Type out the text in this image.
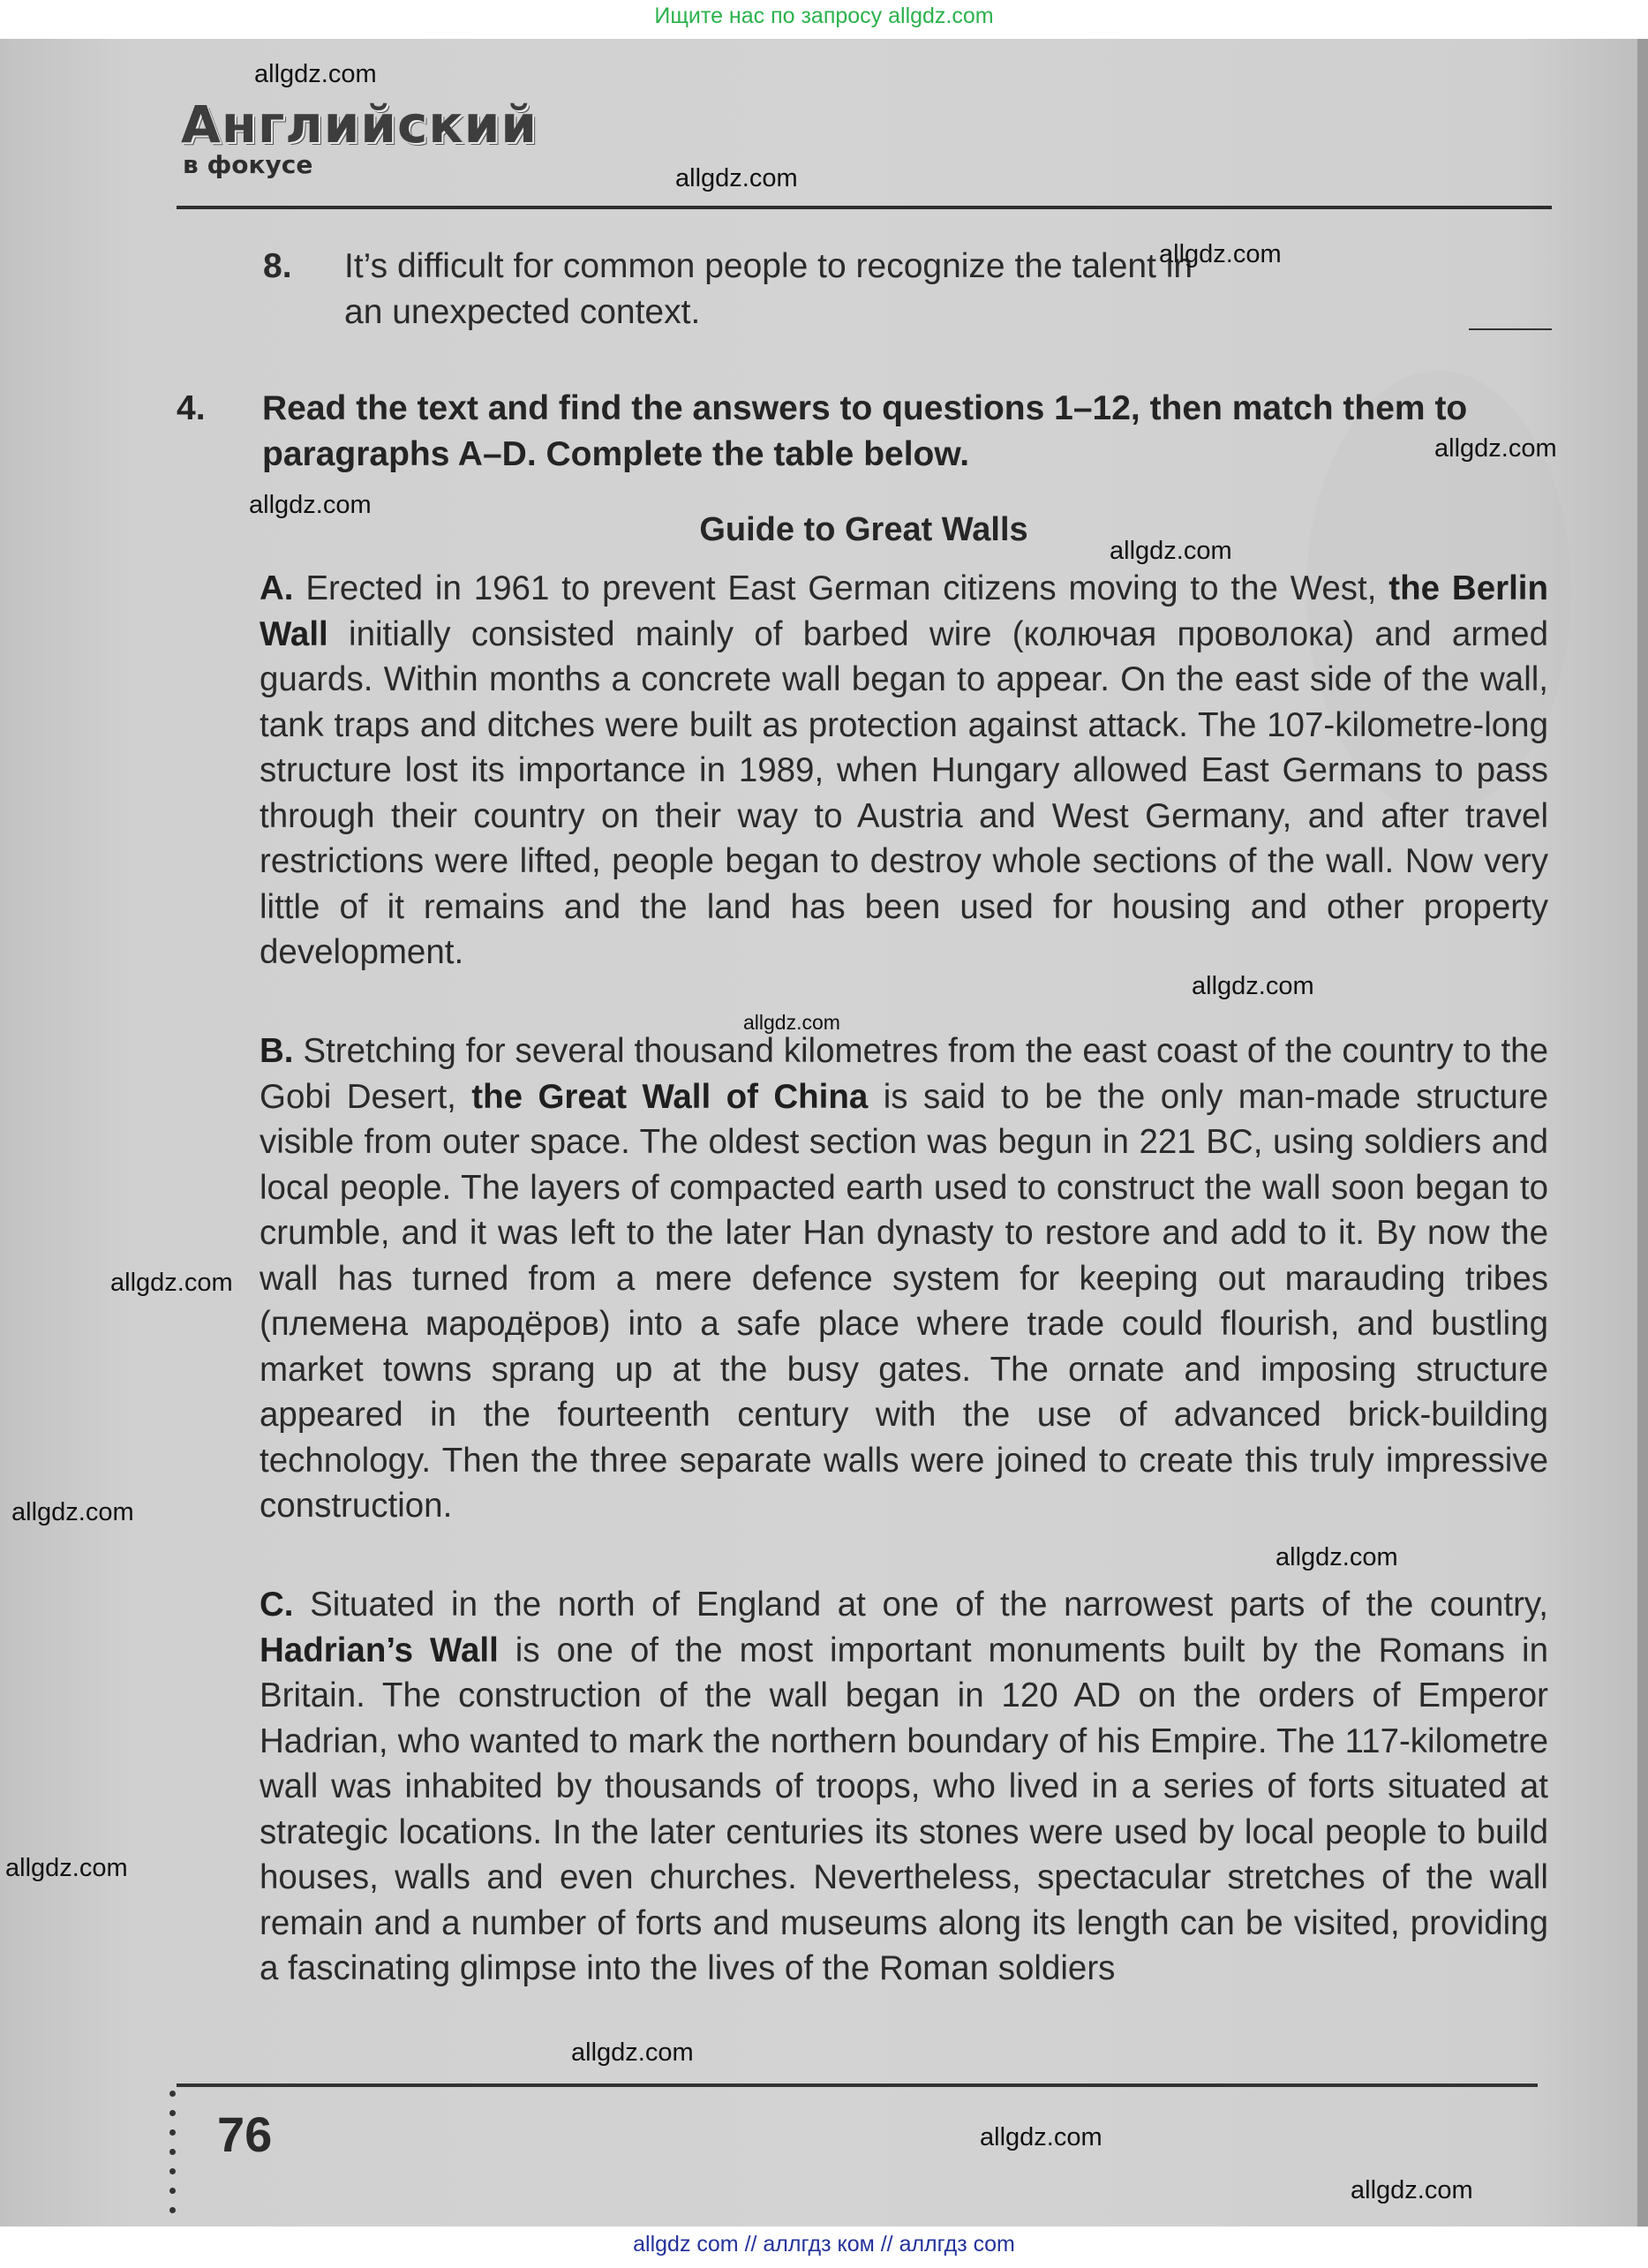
Ищите нас по запросу allgdz.com
Английский
в фокусе
8. It’s difficult for common people to recognize the talent in an unexpected context.
4. Read the text and find the answers to questions 1–12, then match them to paragraphs A–D. Complete the table below.
Guide to Great Walls
A. Erected in 1961 to prevent East German citizens moving to the West, the Berlin Wall initially consisted mainly of barbed wire (колючая проволока) and armed guards. Within months a concrete wall began to appear. On the east side of the wall, tank traps and ditches were built as protection against attack. The 107-kilometre-long structure lost its importance in 1989, when Hungary allowed East Germans to pass through their country on their way to Austria and West Germany, and after travel restrictions were lifted, people began to destroy whole sections of the wall. Now very little of it remains and the land has been used for housing and other property development.
B. Stretching for several thousand kilometres from the east coast of the country to the Gobi Desert, the Great Wall of China is said to be the only man-made structure visible from outer space. The oldest section was begun in 221 BC, using soldiers and local people. The layers of compacted earth used to construct the wall soon began to crumble, and it was left to the later Han dynasty to restore and add to it. By now the wall has turned from a mere defence system for keeping out marauding tribes (племена мародёров) into a safe place where trade could flourish, and bustling market towns sprang up at the busy gates. The ornate and imposing structure appeared in the fourteenth century with the use of advanced brick-building technology. Then the three separate walls were joined to create this truly impressive construction.
C. Situated in the north of England at one of the narrowest parts of the country, Hadrian’s Wall is one of the most important monuments built by the Romans in Britain. The construction of the wall began in 120 AD on the orders of Emperor Hadrian, who wanted to mark the northern boundary of his Empire. The 117-kilometre wall was inhabited by thousands of troops, who lived in a series of forts situated at strategic locations. In the later centuries its stones were used by local people to build houses, walls and even churches. Nevertheless, spectacular stretches of the wall remain and a number of forts and museums along its length can be visited, providing a fascinating glimpse into the lives of the Roman soldiers
76
allgdz.com
allgdz.com
allgdz.com
allgdz.com
allgdz.com
allgdz.com
allgdz.com
allgdz.com
allgdz.com
allgdz.com
allgdz.com
allgdz.com
allgdz.com
allgdz.com
allgdz.com
allgdz com // аллгдз ком // аллгдз com
